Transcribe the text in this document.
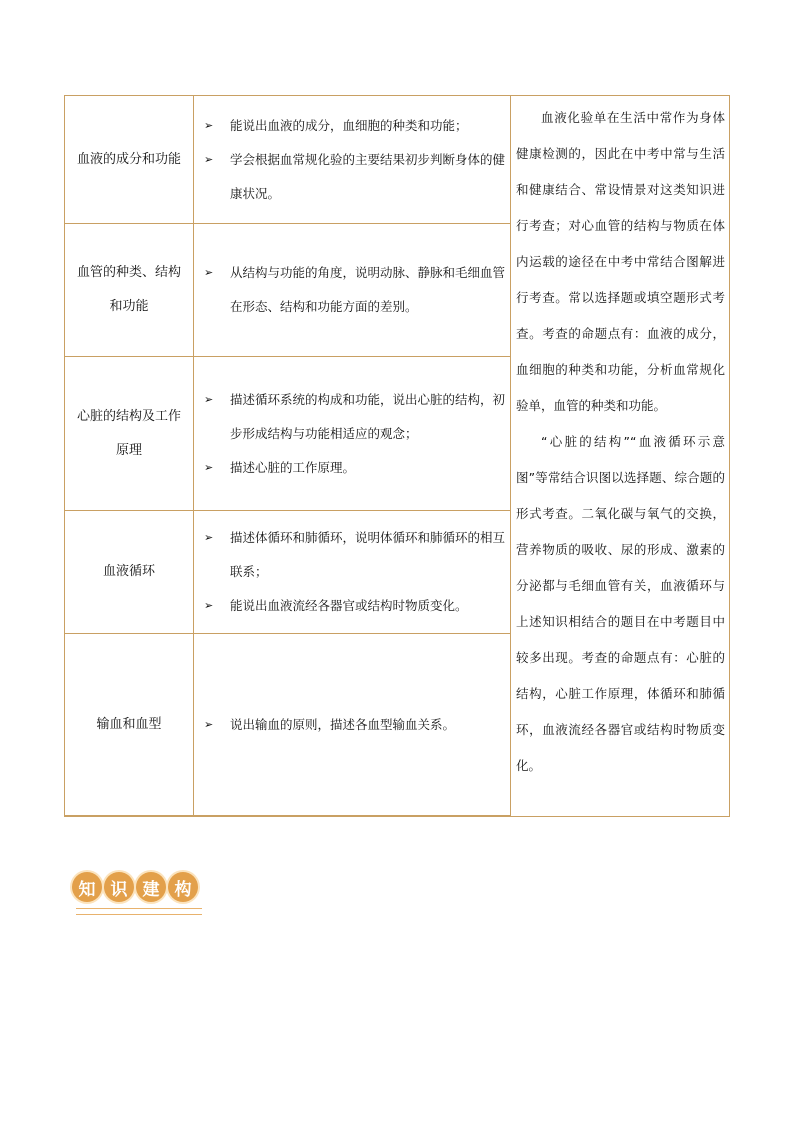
血液的成分和功能
➢	能说出血液的成分，血细胞的种类和功能；
➢	学会根据血常规化验的主要结果初步判断身体的健康状况。
血管的种类、结构和功能
➢	从结构与功能的角度，说明动脉、静脉和毛细血管在形态、结构和功能方面的差别。
心脏的结构及工作原理
➢	描述循环系统的构成和功能，说出心脏的结构，初步形成结构与功能相适应的观念；
➢	描述心脏的工作原理。
血液循环
➢	描述体循环和肺循环，说明体循环和肺循环的相互联系；
➢	能说出血液流经各器官或结构时物质变化。
输血和血型	➢	说出输血的原则，描述各血型输血关系。

血液化验单在生活中常作为身体健康检测的，因此在中考中常与生活和健康结合、常设情景对这类知识进行考查；对心血管的结构与物质在体内运载的途径在中考中常结合图解进行考查。常以选择题或填空题形式考查。考查的命题点有：血液的成分，血细胞的种类和功能，分析血常规化验单，血管的种类和功能。

“心脏的结构”“血液循环示意图”等常结合识图以选择题、综合题的形式考查。二氧化碳与氧气的交换，营养物质的吸收、尿的形成、激素的分泌都与毛细血管有关，血液循环与上述知识相结合的题目在中考题目中较多出现。考查的命题点有：心脏的结构，心脏工作原理，体循环和肺循环，血液流经各器官或结构时物质变化。

知 识 建 构
